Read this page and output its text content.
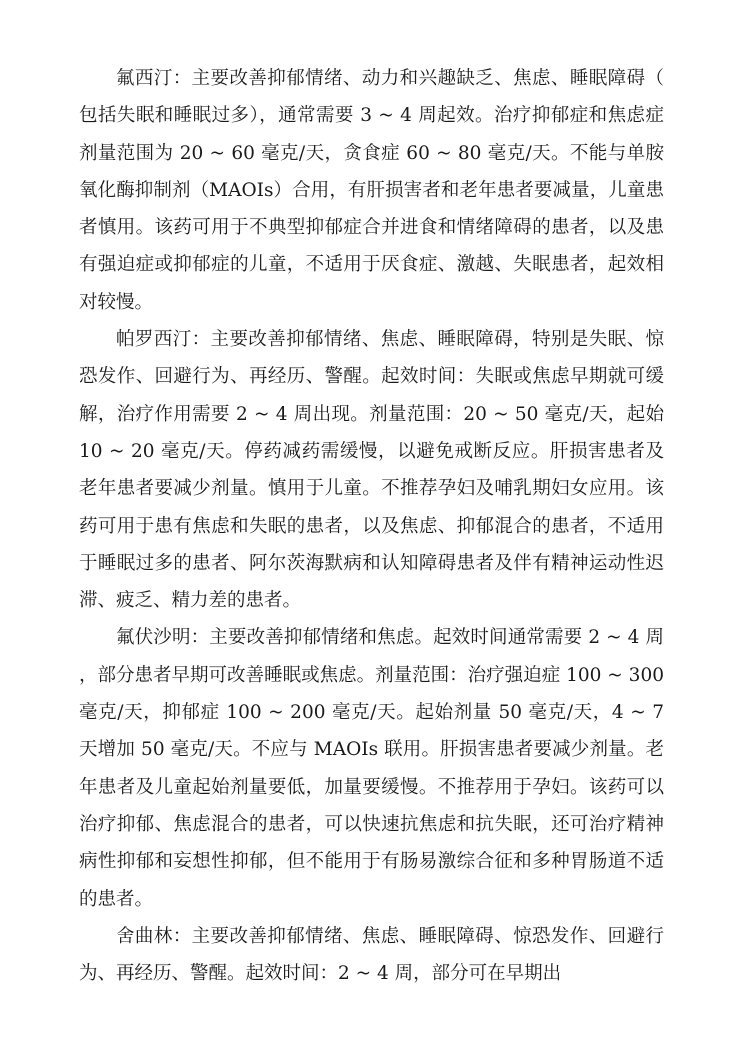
氟西汀：主要改善抑郁情绪、动力和兴趣缺乏、焦虑、睡眠障碍（包括失眠和睡眠过多），通常需要 3 ~ 4 周起效。治疗抑郁症和焦虑症剂量范围为 20 ~ 60 毫克/天，贪食症 60 ~ 80 毫克/天。不能与单胺氧化酶抑制剂（MAOIs）合用，有肝损害者和老年患者要减量，儿童患者慎用。该药可用于不典型抑郁症合并进食和情绪障碍的患者，以及患有强迫症或抑郁症的儿童，不适用于厌食症、激越、失眠患者，起效相对较慢。

帕罗西汀：主要改善抑郁情绪、焦虑、睡眠障碍，特别是失眠、惊恐发作、回避行为、再经历、警醒。起效时间：失眠或焦虑早期就可缓解，治疗作用需要 2 ~ 4 周出现。剂量范围：20 ~ 50 毫克/天，起始 10 ~ 20 毫克/天。停药减药需缓慢，以避免戒断反应。肝损害患者及老年患者要减少剂量。慎用于儿童。不推荐孕妇及哺乳期妇女应用。该药可用于患有焦虑和失眠的患者，以及焦虑、抑郁混合的患者，不适用于睡眠过多的患者、阿尔茨海默病和认知障碍患者及伴有精神运动性迟滞、疲乏、精力差的患者。

氟伏沙明：主要改善抑郁情绪和焦虑。起效时间通常需要 2 ~ 4 周，部分患者早期可改善睡眠或焦虑。剂量范围：治疗强迫症 100 ~ 300 毫克/天，抑郁症 100 ~ 200 毫克/天。起始剂量 50 毫克/天，4 ~ 7 天增加 50 毫克/天。不应与 MAOIs 联用。肝损害患者要减少剂量。老年患者及儿童起始剂量要低，加量要缓慢。不推荐用于孕妇。该药可以治疗抑郁、焦虑混合的患者，可以快速抗焦虑和抗失眠，还可治疗精神病性抑郁和妄想性抑郁，但不能用于有肠易激综合征和多种胃肠道不适的患者。

舍曲林：主要改善抑郁情绪、焦虑、睡眠障碍、惊恐发作、回避行为、再经历、警醒。起效时间：2 ~ 4 周，部分可在早期出
